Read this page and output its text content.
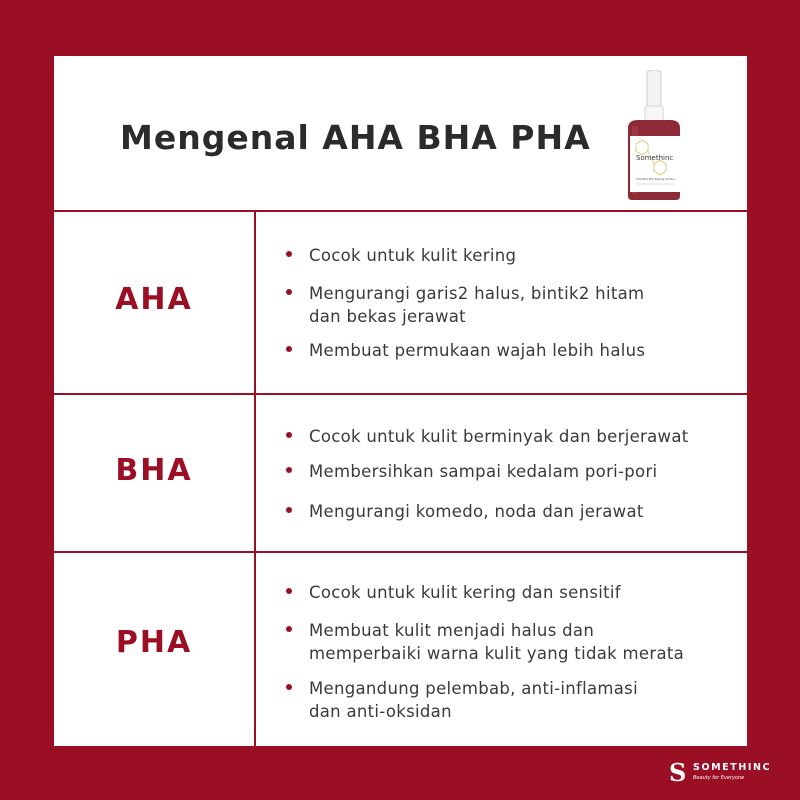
Mengenal AHA BHA PHA
Somethinc
AHA BHA PHA Peeling Solution
AHA
Cocok untuk kulit kering
Mengurangi garis2 halus, bintik2 hitam
dan bekas jerawat
Membuat permukaan wajah lebih halus
BHA
Cocok untuk kulit berminyak dan berjerawat
Membersihkan sampai kedalam pori-pori
Mengurangi komedo, noda dan jerawat
PHA
Cocok untuk kulit kering dan sensitif
Membuat kulit menjadi halus dan
memperbaiki warna kulit yang tidak merata
Mengandung pelembab, anti-inflamasi
dan anti-oksidan
S SOMETHINC
Beauty for Everyone
